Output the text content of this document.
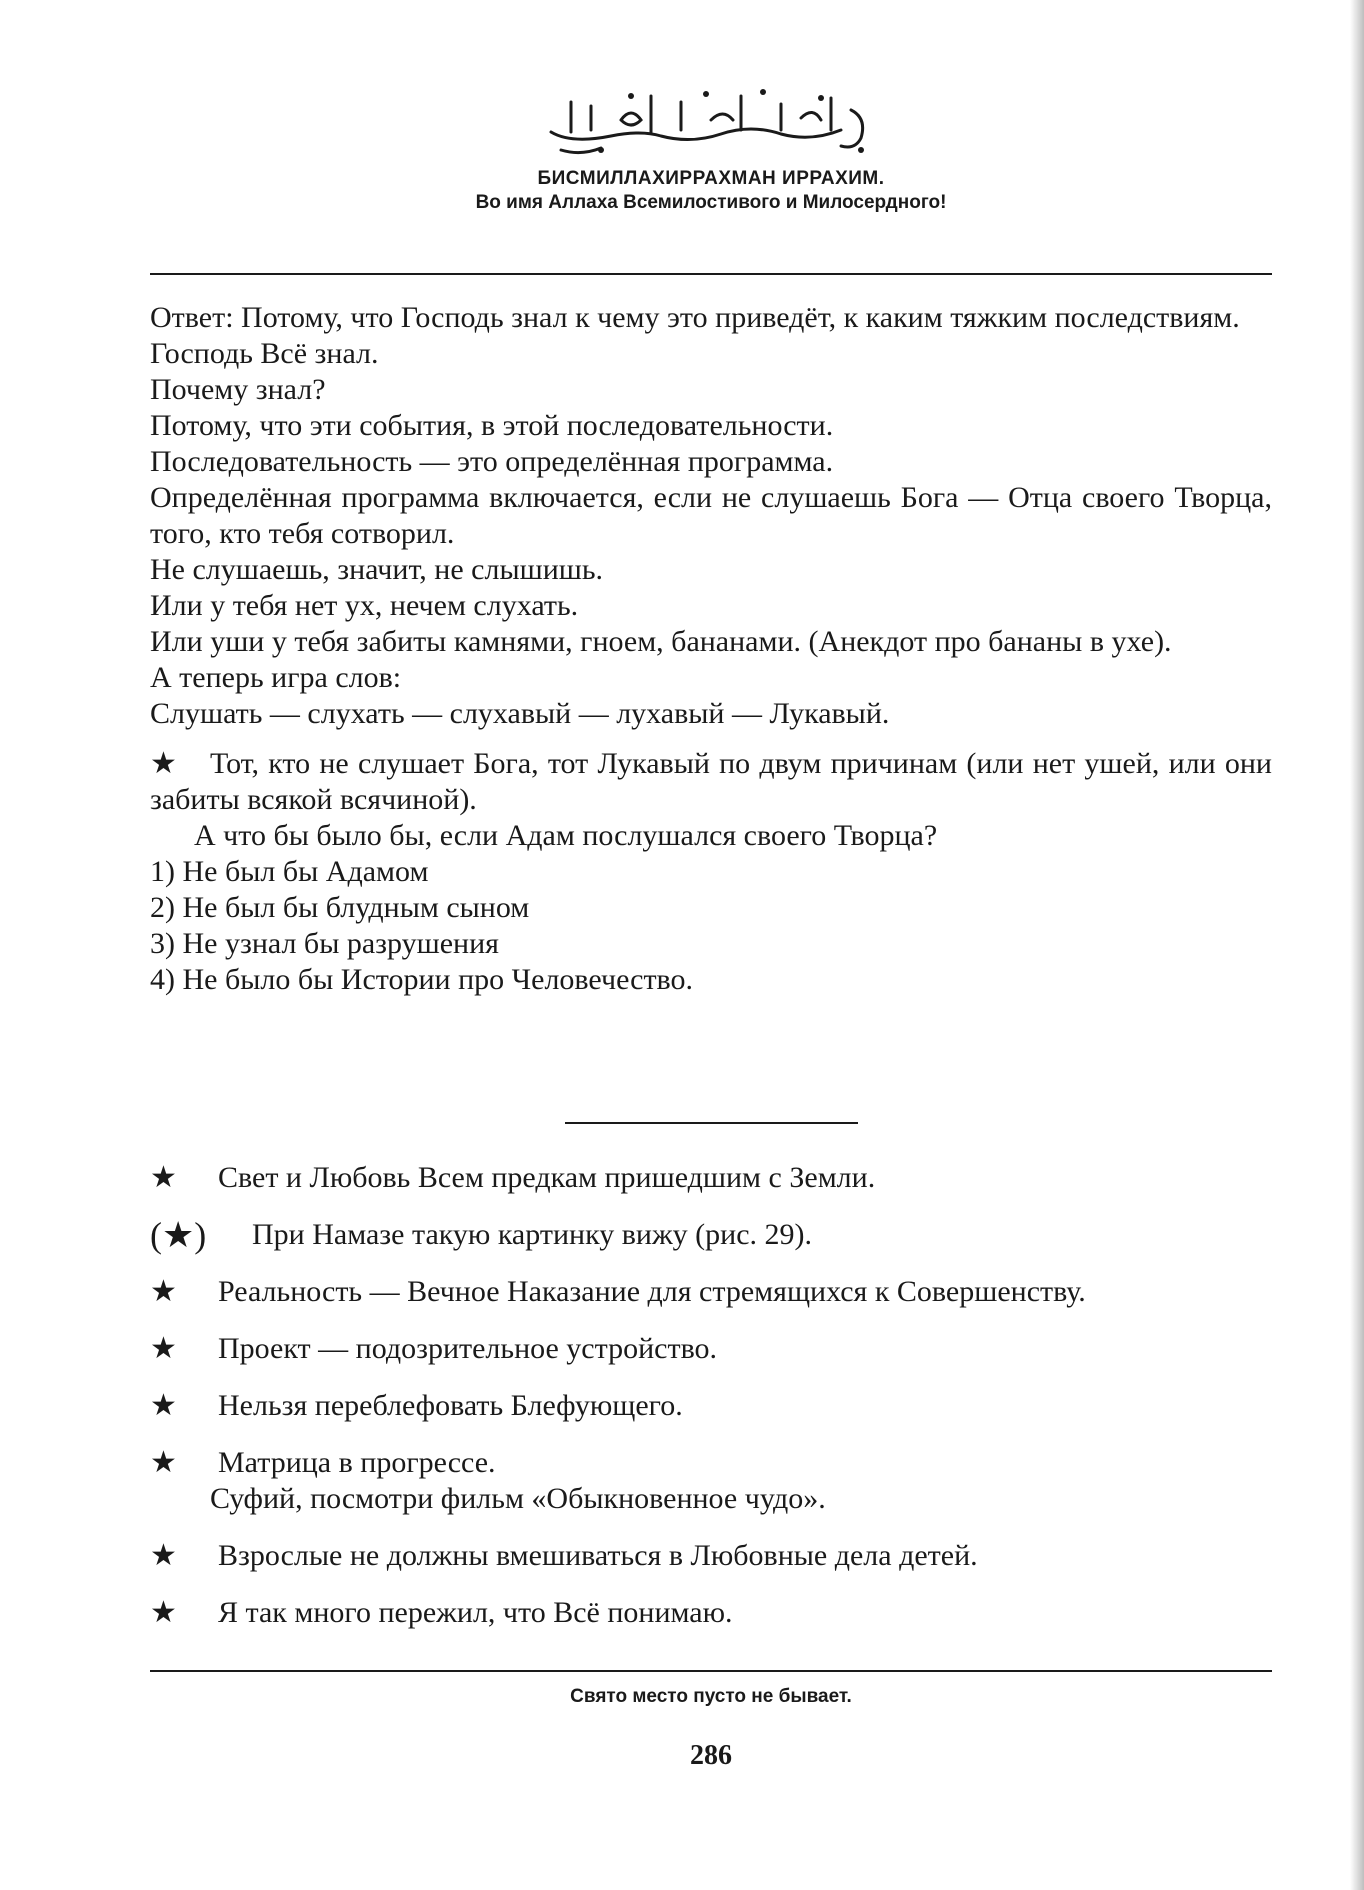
БИСМИЛЛАХИРРАХМАН ИРРАХИМ.
Во имя Аллаха Всемилостивого и Милосердного!

Ответ: Потому, что Господь знал к чему это приведёт, к каким тяжким последствиям.

Господь Всё знал.

Почему знал?

Потому, что эти события, в этой последовательности.

Последовательность — это определённая программа.

Определённая программа включается, если не слушаешь Бога — Отца своего Творца, того, кто тебя сотворил.

Не слушаешь, значит, не слышишь.

Или у тебя нет ух, нечем слухать.

Или уши у тебя забиты камнями, гноем, бананами. (Анекдот про бананы в ухе).

А теперь игра слов:

Слушать — слухать — слухавый — лухавый — Лукавый.

★ Тот, кто не слушает Бога, тот Лукавый по двум причинам (или нет ушей, или они забиты всякой всячиной).

А что бы было бы, если Адам послушался своего Творца?

1) Не был бы Адамом

2) Не был бы блудным сыном

3) Не узнал бы разрушения

4) Не было бы Истории про Человечество.

★	Свет и Любовь Всем предкам пришедшим с Земли.
(★)	При Намазе такую картинку вижу (рис. 29).
★	Реальность — Вечное Наказание для стремящихся к Совершенству.
★	Проект — подозрительное устройство.
★	Нельзя переблефовать Блефующего.
★	Матрица в прогрессе.
Суфий, посмотри фильм «Обыкновенное чудо».
★	Взрослые не должны вмешиваться в Любовные дела детей.
★	Я так много пережил, что Всё понимаю.
Свято место пусто не бывает.
286
